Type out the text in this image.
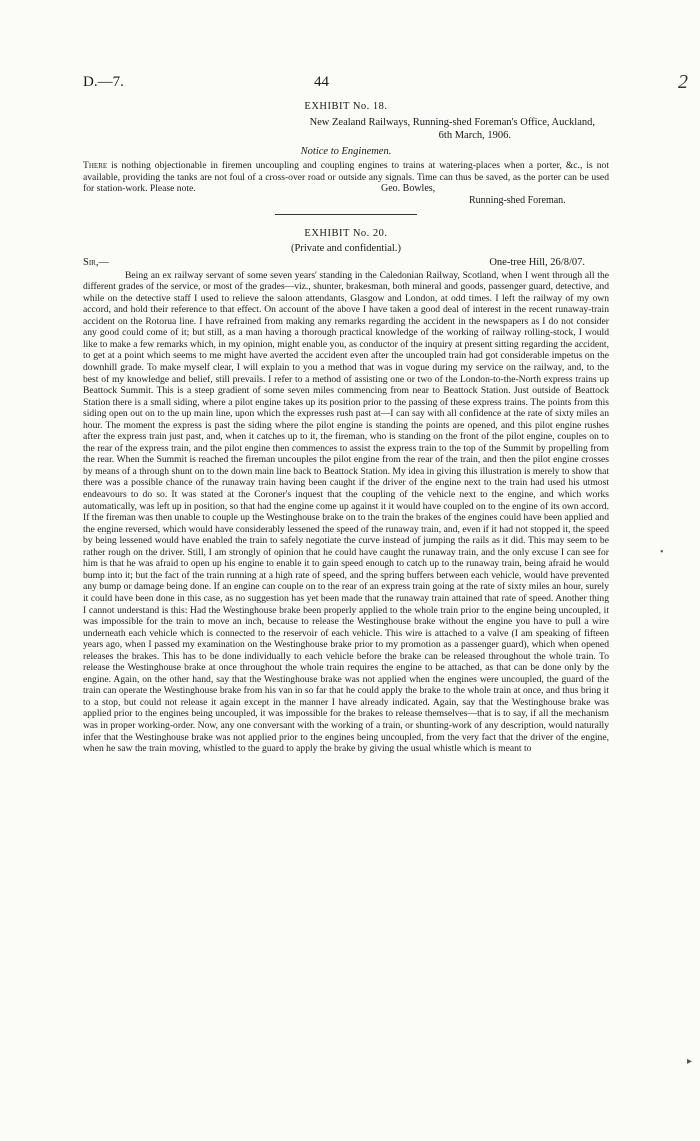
D.—7.	44	2

EXHIBIT No. 18.

New Zealand Railways, Running-shed Foreman's Office, Auckland,

6th March, 1906.

Notice to Enginemen.

There is nothing objectionable in firemen uncoupling and coupling engines to trains at watering-places when a porter, &c., is not available, providing the tanks are not foul of a cross-over road or outside any signals. Time can thus be saved, as the porter can be used for station-work. Please note.	Geo. Bowles,

Running-shed Foreman.

EXHIBIT No. 20.

(Private and confidential.)

Sir,—	One-tree Hill, 26/8/07.

Being an ex railway servant of some seven years' standing in the Caledonian Railway, Scotland, when I went through all the different grades of the service, or most of the grades—viz., shunter, brakesman, both mineral and goods, passenger guard, detective, and while on the detective staff I used to relieve the saloon attendants, Glasgow and London, at odd times. I left the railway of my own accord, and hold their reference to that effect. On account of the above I have taken a good deal of interest in the recent runaway-train accident on the Rotorua line. I have refrained from making any remarks regarding the accident in the newspapers as I do not consider any good could come of it; but still, as a man having a thorough practical knowledge of the working of railway rolling-stock, I would like to make a few remarks which, in my opinion, might enable you, as conductor of the inquiry at present sitting regarding the accident, to get at a point which seems to me might have averted the accident even after the uncoupled train had got considerable impetus on the downhill grade. To make myself clear, I will explain to you a method that was in vogue during my service on the railway, and, to the best of my knowledge and belief, still prevails. I refer to a method of assisting one or two of the London-to-the-North express trains up Beattock Summit. This is a steep gradient of some seven miles commencing from near to Beattock Station. Just outside of Beattock Station there is a small siding, where a pilot engine takes up its position prior to the passing of these express trains. The points from this siding open out on to the up main line, upon which the expresses rush past at—I can say with all confidence at the rate of sixty miles an hour. The moment the express is past the siding where the pilot engine is standing the points are opened, and this pilot engine rushes after the express train just past, and, when it catches up to it, the fireman, who is standing on the front of the pilot engine, couples on to the rear of the express train, and the pilot engine then commences to assist the express train to the top of the Summit by propelling from the rear. When the Summit is reached the fireman uncouples the pilot engine from the rear of the train, and then the pilot engine crosses by means of a through shunt on to the down main line back to Beattock Station. My idea in giving this illustration is merely to show that there was a possible chance of the runaway train having been caught if the driver of the engine next to the train had used his utmost endeavours to do so. It was stated at the Coroner's inquest that the coupling of the vehicle next to the engine, and which works automatically, was left up in position, so that had the engine come up against it it would have coupled on to the engine of its own accord. If the fireman was then unable to couple up the Westinghouse brake on to the train the brakes of the engines could have been applied and the engine reversed, which would have considerably lessened the speed of the runaway train, and, even if it had not stopped it, the speed by being lessened would have enabled the train to safely negotiate the curve instead of jumping the rails as it did. This may seem to be rather rough on the driver. Still, I am strongly of opinion that he could have caught the runaway train, and the only excuse I can see for him is that he was afraid to open up his engine to enable it to gain speed enough to catch up to the runaway train, being afraid he would bump into it; but the fact of the train running at a high rate of speed, and the spring buffers between each vehicle, would have prevented any bump or damage being done. If an engine can couple on to the rear of an express train going at the rate of sixty miles an hour, surely it could have been done in this case, as no suggestion has yet been made that the runaway train attained that rate of speed. Another thing I cannot understand is this: Had the Westinghouse brake been properly applied to the whole train prior to the engine being uncoupled, it was impossible for the train to move an inch, because to release the Westinghouse brake without the engine you have to pull a wire underneath each vehicle which is connected to the reservoir of each vehicle. This wire is attached to a valve (I am speaking of fifteen years ago, when I passed my examination on the Westinghouse brake prior to my promotion as a passenger guard), which when opened releases the brakes. This has to be done individually to each vehicle before the brake can be released throughout the whole train. To release the Westinghouse brake at once throughout the whole train requires the engine to be attached, as that can be done only by the engine. Again, on the other hand, say that the Westinghouse brake was not applied when the engines were uncoupled, the guard of the train can operate the Westinghouse brake from his van in so far that he could apply the brake to the whole train at once, and thus bring it to a stop, but could not release it again except in the manner I have already indicated. Again, say that the Westinghouse brake was applied prior to the engines being uncoupled, it was impossible for the brakes to release themselves—that is to say, if all the mechanism was in proper working-order. Now, any one conversant with the working of a train, or shunting-work of any description, would naturally infer that the Westinghouse brake was not applied prior to the engines being uncoupled, from the very fact that the driver of the engine, when he saw the train moving, whistled to the guard to apply the brake by giving the usual whistle which is meant to

•
▸
